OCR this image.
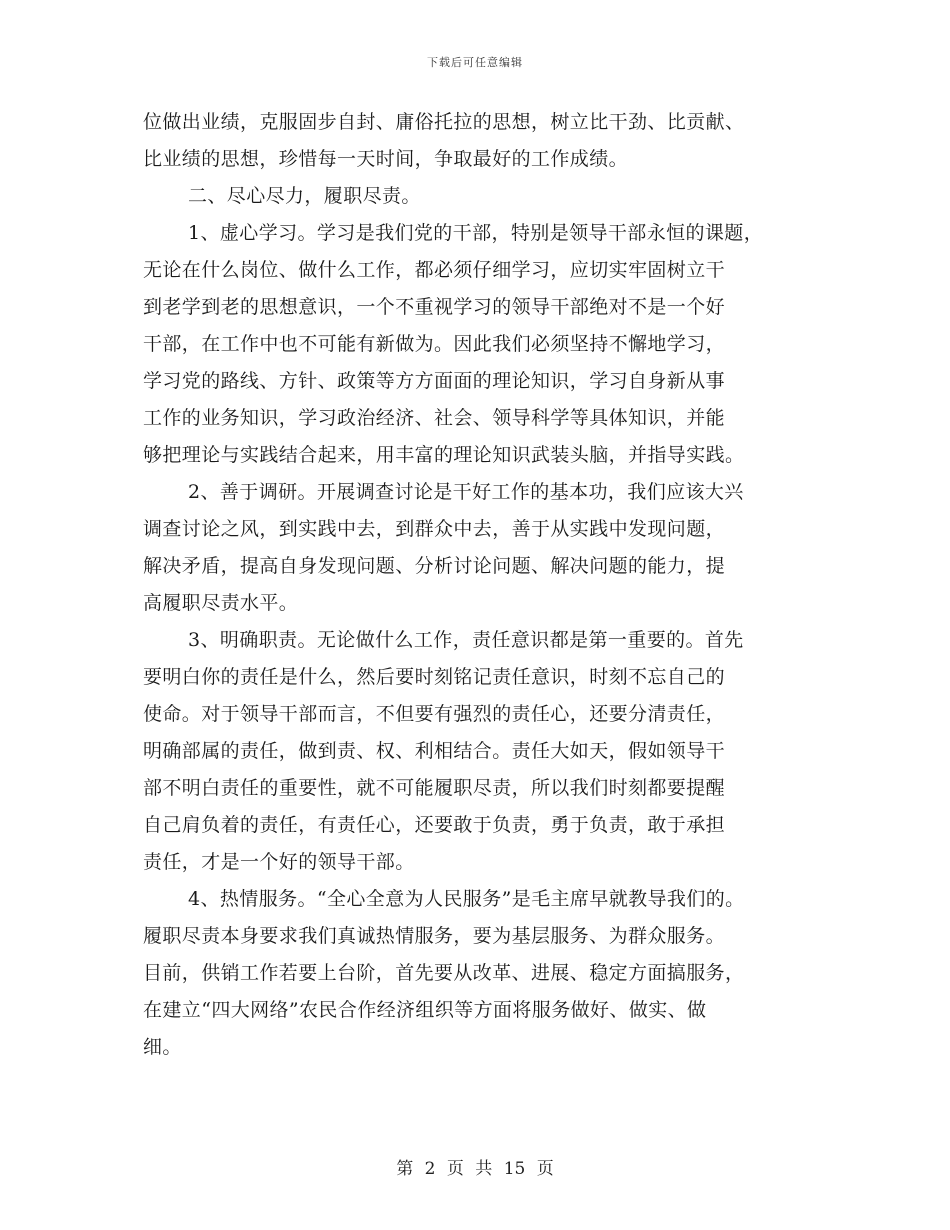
下载后可任意编辑
位做出业绩，克服固步自封、庸俗托拉的思想，树立比干劲、比贡献、
比业绩的思想，珍惜每一天时间，争取最好的工作成绩。
二、尽心尽力，履职尽责。
1、虚心学习。学习是我们党的干部，特别是领导干部永恒的课题，
无论在什么岗位、做什么工作，都必须仔细学习，应切实牢固树立干
到老学到老的思想意识，一个不重视学习的领导干部绝对不是一个好
干部，在工作中也不可能有新做为。因此我们必须坚持不懈地学习，
学习党的路线、方针、政策等方方面面的理论知识，学习自身新从事
工作的业务知识，学习政治经济、社会、领导科学等具体知识，并能
够把理论与实践结合起来，用丰富的理论知识武装头脑，并指导实践。
2、善于调研。开展调查讨论是干好工作的基本功，我们应该大兴
调查讨论之风，到实践中去，到群众中去，善于从实践中发现问题，
解决矛盾，提高自身发现问题、分析讨论问题、解决问题的能力，提
高履职尽责水平。
3、明确职责。无论做什么工作，责任意识都是第一重要的。首先
要明白你的责任是什么，然后要时刻铭记责任意识，时刻不忘自己的
使命。对于领导干部而言，不但要有强烈的责任心，还要分清责任，
明确部属的责任，做到责、权、利相结合。责任大如天，假如领导干
部不明白责任的重要性，就不可能履职尽责，所以我们时刻都要提醒
自己肩负着的责任，有责任心，还要敢于负责，勇于负责，敢于承担
责任，才是一个好的领导干部。
4、热情服务。“全心全意为人民服务”是毛主席早就教导我们的。
履职尽责本身要求我们真诚热情服务，要为基层服务、为群众服务。
目前，供销工作若要上台阶，首先要从改革、进展、稳定方面搞服务，
在建立“四大网络”农民合作经济组织等方面将服务做好、做实、做
细。
第 2 页 共 15 页
